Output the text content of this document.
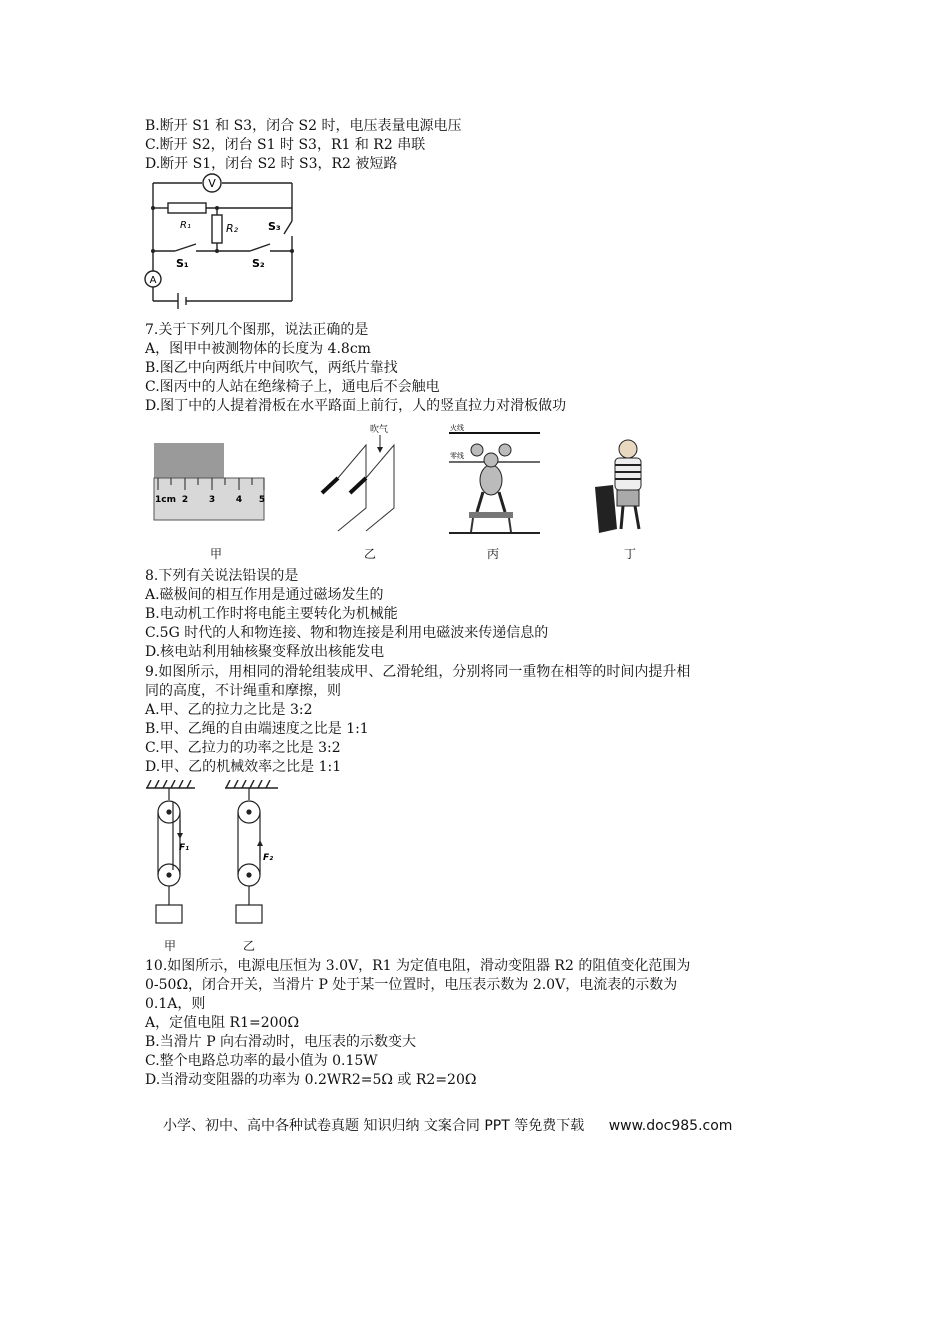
B.断开 S1 和 S3，闭合 S2 时，电压表量电源电压
C.断开 S2，闭台 S1 时 S3，R1 和 R2 串联
D.断开 S1，闭台 S2 时 S3，R2 被短路
V
A
R₁	R₂
S₁	S₂
S₃
7.关于下列几个图那，说法正确的是
A，图甲中被测物体的长度为 4.8cm
B.图乙中向两纸片中间吹气，两纸片靠找
C.图丙中的人站在绝缘椅子上，通电后不会触电
D.图丁中的人提着滑板在水平路面上前行，人的竖直拉力对滑板做功
1cm 2 3 4 5
甲
吹气
乙
火线
零线
丙	丁
8.下列有关说法铅误的是
A.磁极间的相互作用是通过磁场发生的
B.电动机工作时将电能主要转化为机械能
C.5G 时代的人和物连接、物和物连接是利用电磁波来传递信息的
D.核电站利用轴核聚变释放出核能发电
9.如图所示，用相同的滑轮组装成甲、乙滑轮组，分别将同一重物在相等的时间内提升相
同的高度，不计绳重和摩擦，则
A.甲、乙的拉力之比是 3:2
B.甲、乙绳的自由端速度之比是 1:1
C.甲、乙拉力的功率之比是 3:2
D.甲、乙的机械效率之比是 1:1
F₁
F₂
甲	乙
10.如图所示，电源电压恒为 3.0V，R1 为定值电阻，滑动变阻器 R2 的阻值变化范围为
0-50Ω，闭合开关，当滑片 P 处于某一位置时，电压表示数为 2.0V，电流表的示数为
0.1A，则
A，定值电阻 R1=200Ω
B.当滑片 P 向右滑动时，电压表的示数变大
C.整个电路总功率的最小值为 0.15W
D.当滑动变阻器的功率为 0.2WR2=5Ω 或 R2=20Ω
小学、初中、高中各种试卷真题 知识归纳 文案合同 PPT 等免费下载 www.doc985.com
